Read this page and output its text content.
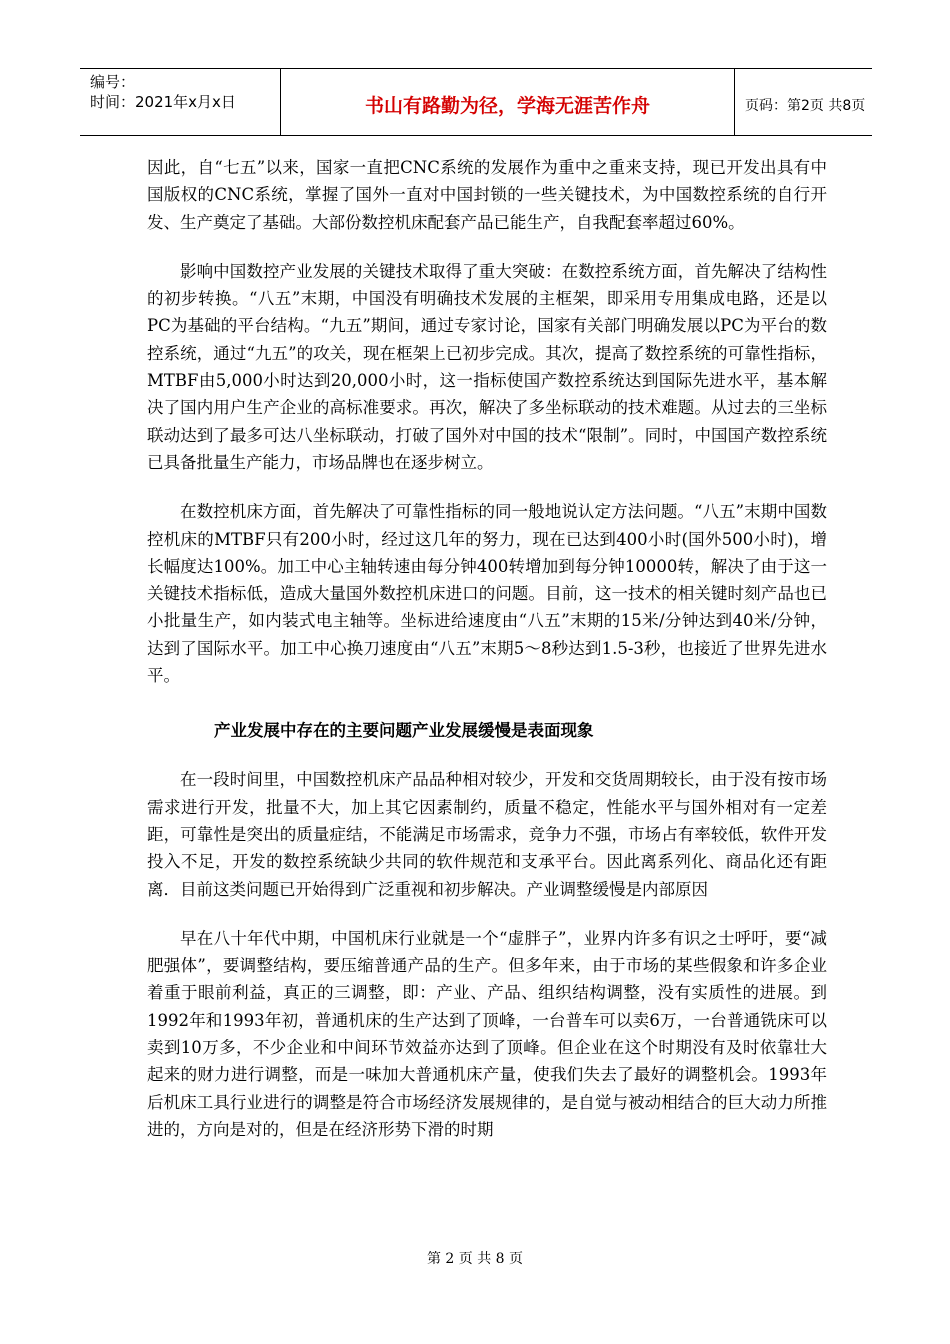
编号：
时间：2021年x月x日	书山有路勤为径，学海无涯苦作舟	页码：第2页 共8页

因此，自“七五”以来，国家一直把CNC系统的发展作为重中之重来支持，现已开发出具有中国版权的CNC系统，掌握了国外一直对中国封锁的一些关键技术，为中国数控系统的自行开发、生产奠定了基础。大部份数控机床配套产品已能生产，自我配套率超过60%。

影响中国数控产业发展的关键技术取得了重大突破：在数控系统方面，首先解决了结构性的初步转换。“八五”末期，中国没有明确技术发展的主框架，即采用专用集成电路，还是以PC为基础的平台结构。“九五”期间，通过专家讨论，国家有关部门明确发展以PC为平台的数控系统，通过“九五”的攻关，现在框架上已初步完成。其次，提高了数控系统的可靠性指标，MTBF由5,000小时达到20,000小时，这一指标使国产数控系统达到国际先进水平，基本解决了国内用户生产企业的高标准要求。再次，解决了多坐标联动的技术难题。从过去的三坐标联动达到了最多可达八坐标联动，打破了国外对中国的技术“限制”。同时，中国国产数控系统已具备批量生产能力，市场品牌也在逐步树立。

在数控机床方面，首先解决了可靠性指标的同一般地说认定方法问题。“八五”末期中国数控机床的MTBF只有200小时，经过这几年的努力，现在已达到400小时(国外500小时)，增长幅度达100%。加工中心主轴转速由每分钟400转增加到每分钟10000转，解决了由于这一关键技术指标低，造成大量国外数控机床进口的问题。目前，这一技术的相关键时刻产品也已小批量生产，如内装式电主轴等。坐标进给速度由“八五”末期的15米/分钟达到40米/分钟，达到了国际水平。加工中心换刀速度由“八五”末期5～8秒达到1.5-3秒，也接近了世界先进水平。

产业发展中存在的主要问题产业发展缓慢是表面现象

在一段时间里，中国数控机床产品品种相对较少，开发和交货周期较长，由于没有按市场需求进行开发，批量不大，加上其它因素制约，质量不稳定，性能水平与国外相对有一定差距，可靠性是突出的质量症结，不能满足市场需求，竞争力不强，市场占有率较低，软件开发投入不足，开发的数控系统缺少共同的软件规范和支承平台。因此离系列化、商品化还有距离．目前这类问题已开始得到广泛重视和初步解决。产业调整缓慢是内部原因

早在八十年代中期，中国机床行业就是一个“虚胖子”，业界内许多有识之士呼吁，要“减肥强体”，要调整结构，要压缩普通产品的生产。但多年来，由于市场的某些假象和许多企业着重于眼前利益，真正的三调整，即：产业、产品、组织结构调整，没有实质性的进展。到1992年和1993年初，普通机床的生产达到了顶峰，一台普车可以卖6万，一台普通铣床可以卖到10万多，不少企业和中间环节效益亦达到了顶峰。但企业在这个时期没有及时依靠壮大起来的财力进行调整，而是一味加大普通机床产量，使我们失去了最好的调整机会。1993年后机床工具行业进行的调整是符合市场经济发展规律的，是自觉与被动相结合的巨大动力所推进的，方向是对的，但是在经济形势下滑的时期

第 2 页 共 8 页
